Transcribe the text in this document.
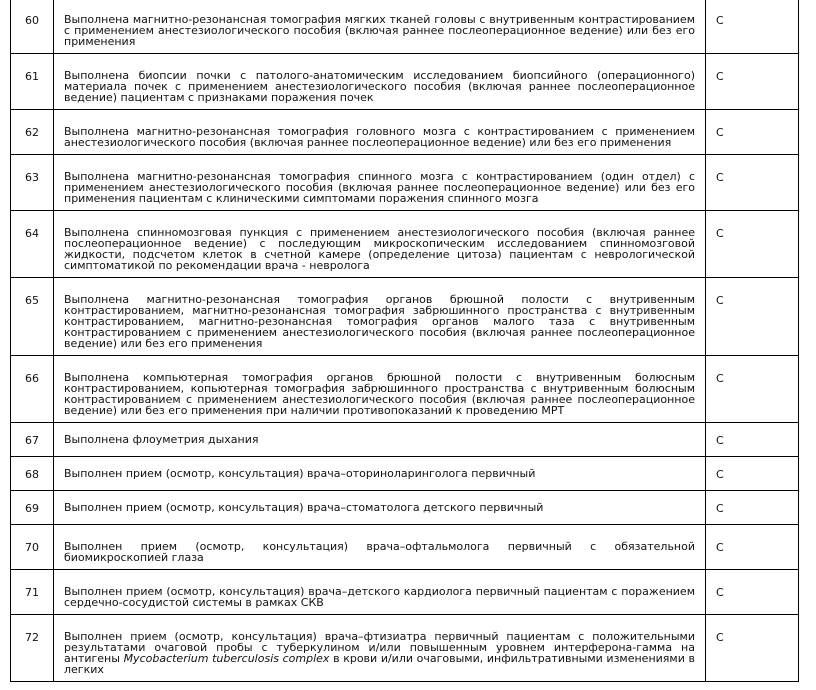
60	Выполнена магнитно-резонансная томография мягких тканей головы с внутривенным контрастированием с применением анестезиологического пособия (включая раннее послеоперационное ведение) или без его применения	С
61	Выполнена биопсии почки с патолого-анатомическим исследованием биопсийного (операционного) материала почек с применением анестезиологического пособия (включая раннее послеоперационное ведение) пациентам с признаками поражения почек	С
62	Выполнена магнитно-резонансная томография головного мозга с контрастированием с применением анестезиологического пособия (включая раннее послеоперационное ведение) или без его применения	С
63	Выполнена магнитно-резонансная томография спинного мозга с контрастированием (один отдел) с применением анестезиологического пособия (включая раннее послеоперационное ведение) или без его применения пациентам с клиническими симптомами поражения спинного мозга	С
64	Выполнена спинномозговая пункция с применением анестезиологического пособия (включая раннее послеоперационное ведение) с последующим микроскопическим исследованием спинномозговой жидкости, подсчетом клеток в счетной камере (определение цитоза) пациентам с неврологической симптоматикой по рекомендации врача - невролога	С
65	Выполнена магнитно-резонансная томография органов брюшной полости с внутривенным контрастированием, магнитно-резонансная томография забрюшинного пространства с внутривенным контрастированием, магнитно-резонансная томография органов малого таза с внутривенным контрастированием с применением анестезиологического пособия (включая раннее послеоперационное ведение) или без его применения	С
66	Выполнена компьютерная томография органов брюшной полости с внутривенным болюсным контрастированием, копьютерная томография забрюшинного пространства с внутривенным болюсным контрастированием с применением анестезиологического пособия (включая раннее послеоперационное ведение) или без его применения при наличии противопоказаний к проведению МРТ	С
67	Выполнена флоуметрия дыхания	С
68	Выполнен прием (осмотр, консультация) врача–оториноларинголога первичный	С
69	Выполнен прием (осмотр, консультация) врача–стоматолога детского первичный	С
70	Выполнен прием (осмотр, консультация) врача–офтальмолога первичный с обязательной биомикроскопией глаза	С
71	Выполнен прием (осмотр, консультация) врача–детского кардиолога первичный пациентам с поражением сердечно-сосудистой системы в рамках СКВ	С
72	Выполнен прием (осмотр, консультация) врача–фтизиатра первичный пациентам с положительными результатами очаговой пробы с туберкулином и/или повышенным уровнем интерферона-гамма на антигены Mycobacterium tuberculosis complex в крови и/или очаговыми, инфильтративными изменениями в легких	С
